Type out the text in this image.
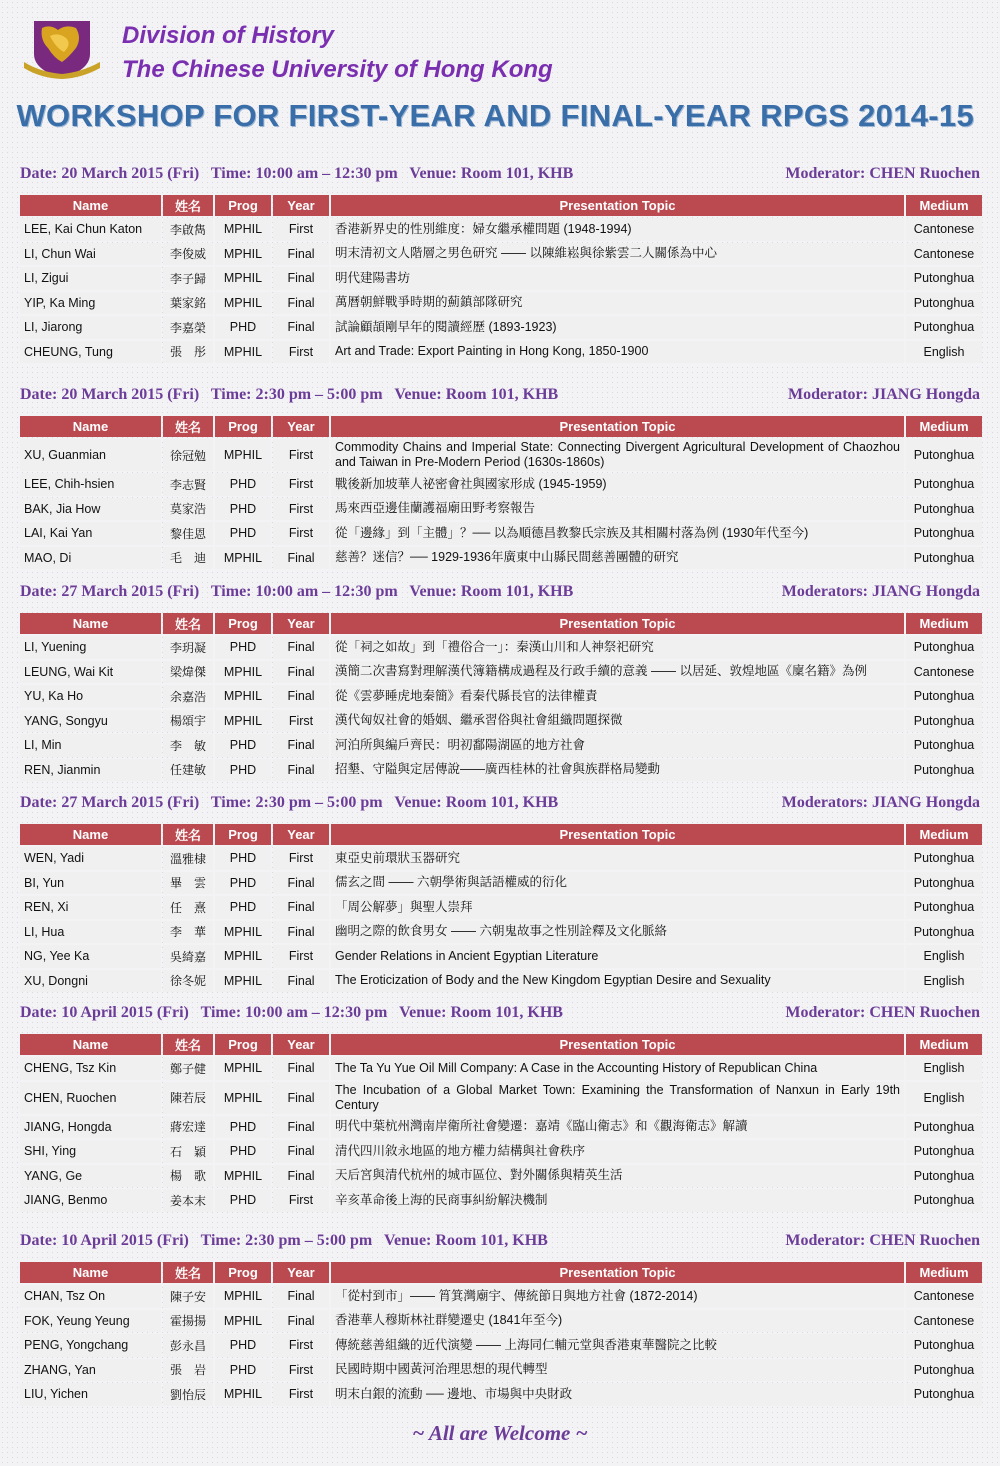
Division of History
The Chinese University of Hong Kong
WORKSHOP FOR FIRST-YEAR AND FINAL-YEAR RPGS 2014-15
Date: 20 March 2015 (Fri)   Time: 10:00 am – 12:30 pm   Venue: Room 101, KHB	Moderator: CHEN Ruochen
Name	姓名	Prog	Year	Presentation Topic	Medium
LEE, Kai Chun Katon	李啟雋	MPHIL	First	香港新界史的性別維度：婦女繼承權問題 (1948-1994)	Cantonese
LI, Chun Wai	李俊威	MPHIL	Final	明末清初文人階層之男色研究 —— 以陳維崧與徐紫雲二人關係為中心	Cantonese
LI, Zigui	李子歸	MPHIL	Final	明代建陽書坊	Putonghua
YIP, Ka Ming	葉家銘	MPHIL	Final	萬曆朝鮮戰爭時期的薊鎮部隊研究	Putonghua
LI, Jiarong	李嘉榮	PHD	Final	試論顧頡剛早年的閱讀經歷 (1893-1923)	Putonghua
CHEUNG, Tung	張　彤	MPHIL	First	Art and Trade: Export Painting in Hong Kong, 1850-1900	English
Date: 20 March 2015 (Fri)   Time: 2:30 pm – 5:00 pm   Venue: Room 101, KHB	Moderator: JIANG Hongda
Name	姓名	Prog	Year	Presentation Topic	Medium
XU, Guanmian	徐冠勉	MPHIL	First	Commodity Chains and Imperial State: Connecting Divergent Agricultural Development of Chaozhou and Taiwan in Pre-Modern Period (1630s-1860s)	Putonghua
LEE, Chih-hsien	李志賢	PHD	First	戰後新加坡華人祕密會社與國家形成 (1945-1959)	Putonghua
BAK, Jia How	莫家浩	PHD	First	馬來西亞邊佳蘭護福廟田野考察報告	Putonghua
LAI, Kai Yan	黎佳恩	PHD	First	從「邊緣」到「主體」？── 以為順德昌教黎氏宗族及其相關村落為例 (1930年代至今)	Putonghua
MAO, Di	毛　迪	MPHIL	Final	慈善？迷信？── 1929-1936年廣東中山縣民間慈善團體的研究	Putonghua
Date: 27 March 2015 (Fri)   Time: 10:00 am – 12:30 pm   Venue: Room 101, KHB	Moderators: JIANG Hongda
Name	姓名	Prog	Year	Presentation Topic	Medium
LI, Yuening	李玥凝	PHD	Final	從「祠之如故」到「禮俗合一」：秦漢山川和人神祭祀研究	Putonghua
LEUNG, Wai Kit	梁煒傑	MPHIL	Final	漢簡二次書寫對理解漢代簿籍構成過程及行政手續的意義 —— 以居延、敦煌地區《廩名籍》為例	Cantonese
YU, Ka Ho	余嘉浩	MPHIL	Final	從《雲夢睡虎地秦簡》看秦代縣長官的法律權責	Putonghua
YANG, Songyu	楊頌宇	MPHIL	First	漢代匈奴社會的婚姻、繼承習俗與社會組織問題探微	Putonghua
LI, Min	李　敏	PHD	Final	河泊所與編戶齊民：明初鄱陽湖區的地方社會	Putonghua
REN, Jianmin	任建敏	PHD	Final	招墾、守隘與定居傳說——廣西桂林的社會與族群格局變動	Putonghua
Date: 27 March 2015 (Fri)   Time: 2:30 pm – 5:00 pm   Venue: Room 101, KHB	Moderators: JIANG Hongda
Name	姓名	Prog	Year	Presentation Topic	Medium
WEN, Yadi	溫雅棣	PHD	First	東亞史前環狀玉器研究	Putonghua
BI, Yun	畢　雲	PHD	Final	儒玄之間 —— 六朝學術與話語權威的衍化	Putonghua
REN, Xi	任　熹	PHD	Final	「周公解夢」與聖人崇拜	Putonghua
LI, Hua	李　華	MPHIL	Final	幽明之際的飲食男女 —— 六朝鬼故事之性別詮釋及文化脈絡	Putonghua
NG, Yee Ka	吳綺嘉	MPHIL	First	Gender Relations in Ancient Egyptian Literature	English
XU, Dongni	徐冬妮	MPHIL	Final	The Eroticization of Body and the New Kingdom Egyptian Desire and Sexuality	English
Date: 10 April 2015 (Fri)   Time: 10:00 am – 12:30 pm   Venue: Room 101, KHB	Moderator: CHEN Ruochen
Name	姓名	Prog	Year	Presentation Topic	Medium
CHENG, Tsz Kin	鄭子健	MPHIL	Final	The Ta Yu Yue Oil Mill Company: A Case in the Accounting History of Republican China	English
CHEN, Ruochen	陳若辰	MPHIL	Final	The Incubation of a Global Market Town: Examining the Transformation of Nanxun in Early 19th Century	English
JIANG, Hongda	蔣宏達	PHD	Final	明代中葉杭州灣南岸衛所社會變遷：嘉靖《臨山衛志》和《觀海衛志》解讀	Putonghua
SHI, Ying	石　穎	PHD	Final	清代四川敘永地區的地方權力結構與社會秩序	Putonghua
YANG, Ge	楊　歌	MPHIL	Final	天后宮與清代杭州的城市區位、對外關係與精英生活	Putonghua
JIANG, Benmo	姜本末	PHD	First	辛亥革命後上海的民商事糾紛解決機制	Putonghua
Date: 10 April 2015 (Fri)   Time: 2:30 pm – 5:00 pm   Venue: Room 101, KHB	Moderator: CHEN Ruochen
Name	姓名	Prog	Year	Presentation Topic	Medium
CHAN, Tsz On	陳子安	MPHIL	Final	「從村到市」—— 筲箕灣廟宇、傳統節日與地方社會 (1872-2014)	Cantonese
FOK, Yeung Yeung	霍揚揚	MPHIL	Final	香港華人穆斯林社群變遷史 (1841年至今)	Cantonese
PENG, Yongchang	彭永昌	PHD	First	傳統慈善組織的近代演變 —— 上海同仁輔元堂與香港東華醫院之比較	Putonghua
ZHANG, Yan	張　岩	PHD	First	民國時期中國黃河治理思想的現代轉型	Putonghua
LIU, Yichen	劉怡辰	MPHIL	First	明末白銀的流動 ── 邊地、市場與中央財政	Putonghua
~ All are Welcome ~
